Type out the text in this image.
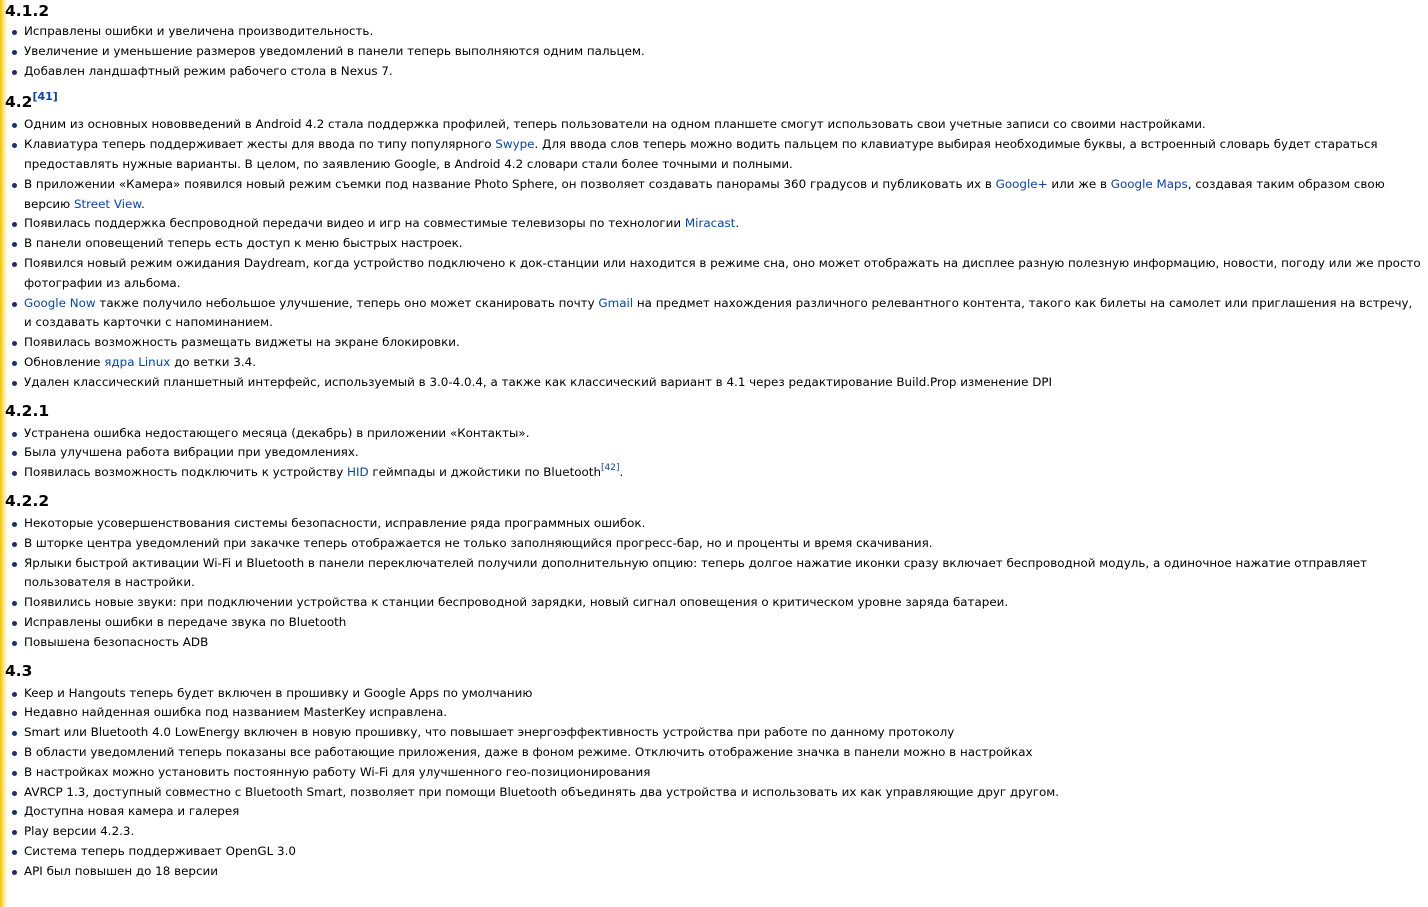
4.1.2
Исправлены ошибки и увеличена производительность.
Увеличение и уменьшение размеров уведомлений в панели теперь выполняются одним пальцем.
Добавлен ландшафтный режим рабочего стола в Nexus 7.
4.2[41]
Одним из основных нововведений в Android 4.2 стала поддержка профилей, теперь пользователи на одном планшете смогут использовать свои учетные записи со своими настройками.
Клавиатура теперь поддерживает жесты для ввода по типу популярного Swype. Для ввода слов теперь можно водить пальцем по клавиатуре выбирая необходимые буквы, а встроенный словарь будет стараться предоставлять нужные варианты. В целом, по заявлению Google, в Android 4.2 словари стали более точными и полными.
В приложении «Камера» появился новый режим съемки под название Photo Sphere, он позволяет создавать панорамы 360 градусов и публиковать их в Google+ или же в Google Maps, создавая таким образом свою версию Street View.
Появилась поддержка беспроводной передачи видео и игр на совместимые телевизоры по технологии Miracast.
В панели оповещений теперь есть доступ к меню быстрых настроек.
Появился новый режим ожидания Daydream, когда устройство подключено к док-станции или находится в режиме сна, оно может отображать на дисплее разную полезную информацию, новости, погоду или же просто фотографии из альбома.
Google Now также получило небольшое улучшение, теперь оно может сканировать почту Gmail на предмет нахождения различного релевантного контента, такого как билеты на самолет или приглашения на встречу, и создавать карточки с напоминанием.
Появилась возможность размещать виджеты на экране блокировки.
Обновление ядра Linux до ветки 3.4.
Удален классический планшетный интерфейс, используемый в 3.0-4.0.4, а также как классический вариант в 4.1 через редактирование Build.Prop изменение DPI
4.2.1
Устранена ошибка недостающего месяца (декабрь) в приложении «Контакты».
Была улучшена работа вибрации при уведомлениях.
Появилась возможность подключить к устройству HID геймпады и джойстики по Bluetooth[42].
4.2.2
Некоторые усовершенствования системы безопасности, исправление ряда программных ошибок.
В шторке центра уведомлений при закачке теперь отображается не только заполняющийся прогресс-бар, но и проценты и время скачивания.
Ярлыки быстрой активации Wi-Fi и Bluetooth в панели переключателей получили дополнительную опцию: теперь долгое нажатие иконки сразу включает беспроводной модуль, а одиночное нажатие отправляет пользователя в настройки.
Появились новые звуки: при подключении устройства к станции беспроводной зарядки, новый сигнал оповещения о критическом уровне заряда батареи.
Исправлены ошибки в передаче звука по Bluetooth
Повышена безопасность ADB
4.3
Keep и Hangouts теперь будет включен в прошивку и Google Apps по умолчанию
Недавно найденная ошибка под названием MasterKey исправлена.
Smart или Bluetooth 4.0 LowEnergy включен в новую прошивку, что повышает энергоэффективность устройства при работе по данному протоколу
В области уведомлений теперь показаны все работающие приложения, даже в фоном режиме. Отключить отображение значка в панели можно в настройках
В настройках можно установить постоянную работу Wi-Fi для улучшенного гео-позиционирования
AVRCP 1.3, доступный совместно с Bluetooth Smart, позволяет при помощи Bluetooth объединять два устройства и использовать их как управляющие друг другом.
Доступна новая камера и галерея
Play версии 4.2.3.
Система теперь поддерживает OpenGL 3.0
API был повышен до 18 версии
